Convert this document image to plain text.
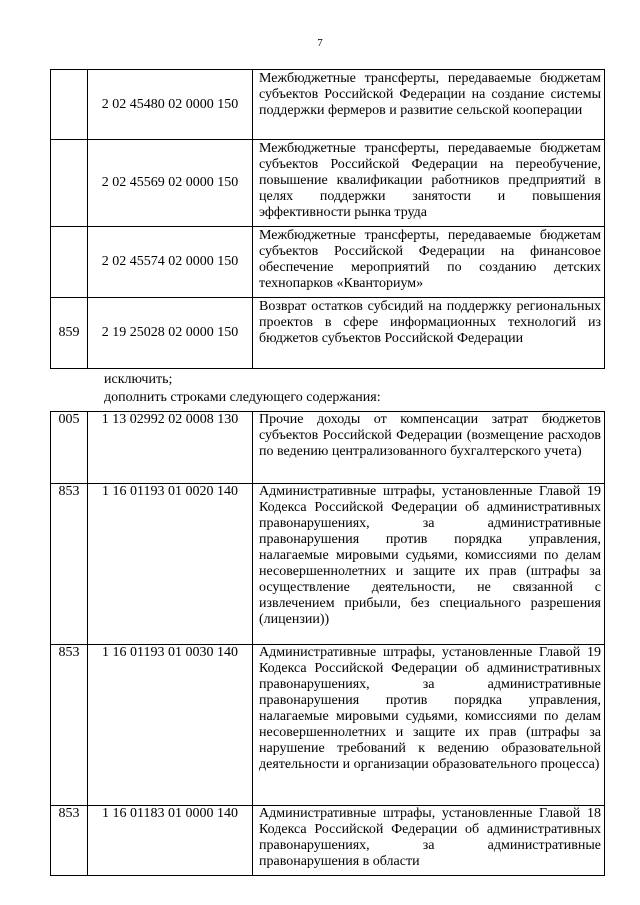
7
	2 02 45480 02 0000 150	Межбюджетные трансферты, передаваемые бюджетам субъектов Российской Федерации на создание системы поддержки фермеров и развитие сельской кооперации
	2 02 45569 02 0000 150	Межбюджетные трансферты, передаваемые бюджетам субъектов Российской Федерации на переобучение, повышение квалификации работников предприятий в целях поддержки занятости и повышения эффективности рынка труда
	2 02 45574 02 0000 150	Межбюджетные трансферты, передаваемые бюджетам субъектов Российской Федерации на финансовое обеспечение мероприятий по созданию детских технопарков «Кванториум»
859	2 19 25028 02 0000 150	Возврат остатков субсидий на поддержку региональных проектов в сфере информационных технологий из бюджетов субъектов Российской Федерации
исключить;
дополнить строками следующего содержания:
005	1 13 02992 02 0008 130	Прочие доходы от компенсации затрат бюджетов субъектов Российской Федерации (возмещение расходов по ведению централизованного бухгалтерского учета)
853	1 16 01193 01 0020 140	Административные штрафы, установленные Главой 19 Кодекса Российской Федерации об административных правонарушениях, за административные правонарушения против порядка управления, налагаемые мировыми судьями, комиссиями по делам несовершеннолетних и защите их прав (штрафы за осуществление деятельности, не связанной с извлечением прибыли, без специального разрешения (лицензии))
853	1 16 01193 01 0030 140	Административные штрафы, установленные Главой 19 Кодекса Российской Федерации об административных правонарушениях, за административные правонарушения против порядка управления, налагаемые мировыми судьями, комиссиями по делам несовершеннолетних и защите их прав (штрафы за нарушение требований к ведению образовательной деятельности и организации образовательного процесса)
853	1 16 01183 01 0000 140	Административные штрафы, установленные Главой 18 Кодекса Российской Федерации об административных правонарушениях, за административные правонарушения в области
